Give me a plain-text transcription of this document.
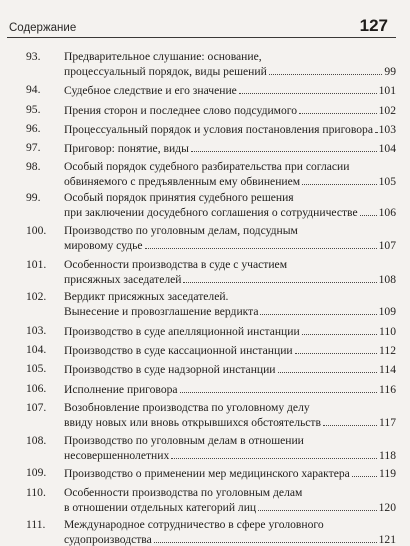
Содержание	127
93. Предварительное слушание: основание,
процессуальный порядок, виды решений	99
94. Судебное следствие и его значение	101
95. Прения сторон и последнее слово подсудимого	102
96. Процессуальный порядок и условия постановления приговора 103
97. Приговор: понятие, виды	104
98. Особый порядок судебного разбирательства при согласии
обвиняемого с предъявленным ему обвинением	105
99. Особый порядок принятия судебного решения
при заключении досудебного соглашения о сотрудничестве 106
100. Производство по уголовным делам, подсудным
мировому судье	107
101. Особенности производства в суде с участием
присяжных заседателей	108
102. Вердикт присяжных заседателей.
Вынесение и провозглашение вердикта	109
103. Производство в суде апелляционной инстанции	110
104. Производство в суде кассационной инстанции	112
105. Производство в суде надзорной инстанции	114
106. Исполнение приговора	116
107. Возобновление производства по уголовному делу
ввиду новых или вновь открывшихся обстоятельств	117
108. Производство по уголовным делам в отношении
несовершеннолетних	118
109. Производство о применении мер медицинского характера	119
110. Особенности производства по уголовным делам
в отношении отдельных категорий лиц	120
111. Международное сотрудничество в сфере уголовного
судопроизводства	121
